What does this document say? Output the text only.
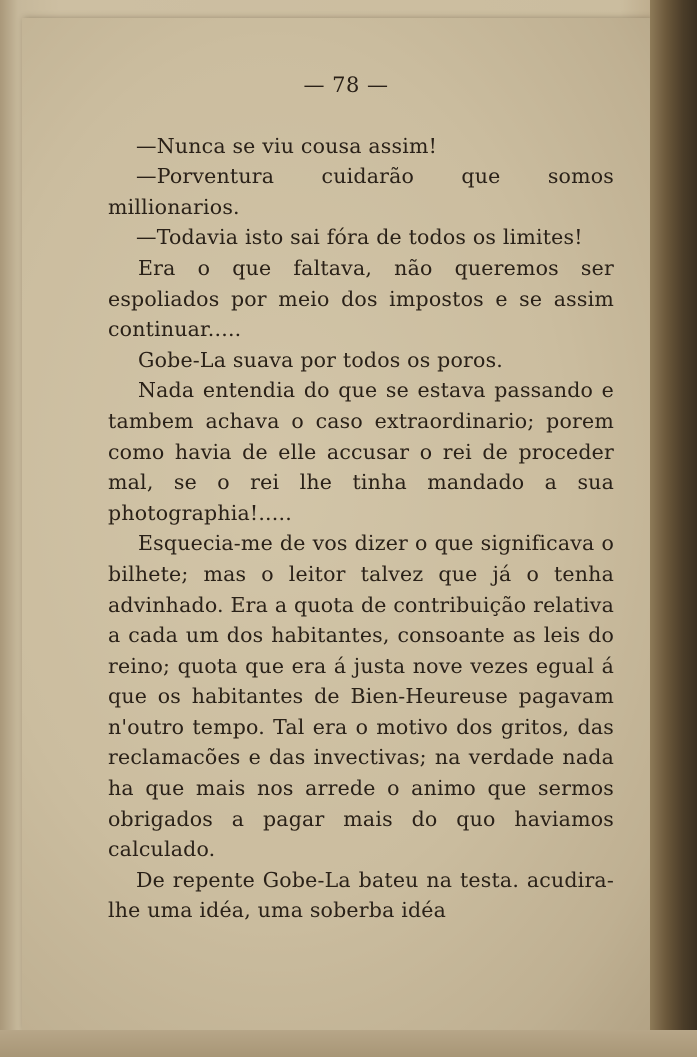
— 78 —

—Nunca se viu cousa assim!

—Porventura cuidarão que somos millionarios.

—Todavia isto sai fóra de todos os limites!

Era o que faltava, não queremos ser espoliados por meio dos impostos e se assim continuar.....

Gobe-La suava por todos os poros.

Nada entendia do que se estava passando e tambem achava o caso extraordinario; porem como havia de elle accusar o rei de proceder mal, se o rei lhe tinha mandado a sua photographia!.....

Esquecia-me de vos dizer o que significava o bilhete; mas o leitor talvez que já o tenha advinhado. Era a quota de contribuição relativa a cada um dos habitantes, consoante as leis do reino; quota que era á justa nove vezes egual á que os habitantes de Bien-Heureuse pagavam n'outro tempo. Tal era o motivo dos gritos, das reclamacões e das invectivas; na verdade nada ha que mais nos arrede o animo que sermos obrigados a pagar mais do quo haviamos calculado.

De repente Gobe-La bateu na testa. acudira-lhe uma idéa, uma soberba idéa
